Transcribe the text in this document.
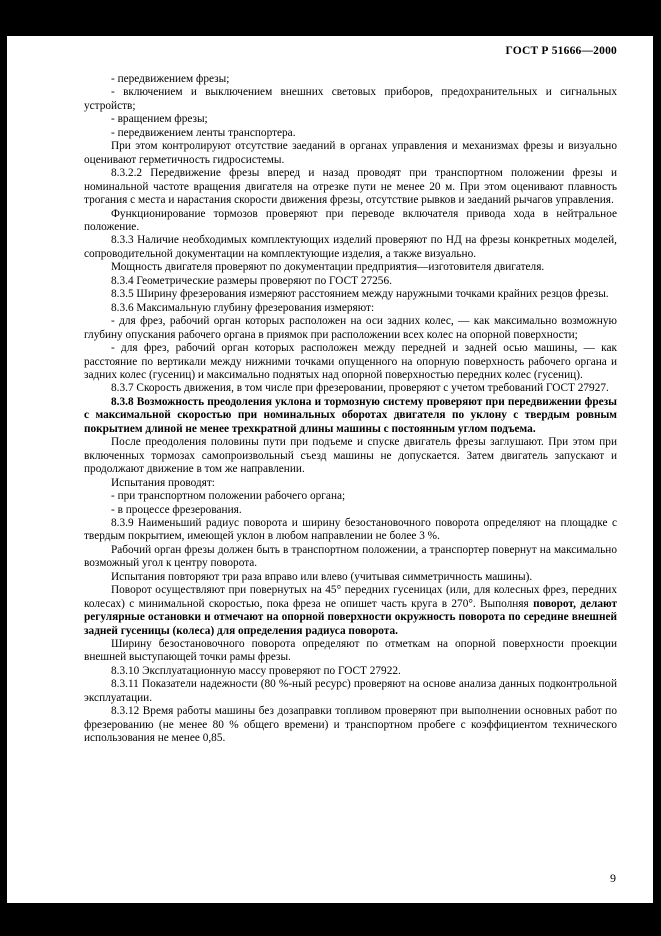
ГОСТ Р 51666—2000

- передвижением фрезы;

- включением и выключением внешних световых приборов, предохранительных и сигнальных устройств;

- вращением фрезы;

- передвижением ленты транспортера.

При этом контролируют отсутствие заеданий в органах управления и механизмах фрезы и визуально оценивают герметичность гидросистемы.

8.3.2.2 Передвижение фрезы вперед и назад проводят при транспортном положении фрезы и номинальной частоте вращения двигателя на отрезке пути не менее 20 м. При этом оценивают плавность трогания с места и нарастания скорости движения фрезы, отсутствие рывков и заеданий рычагов управления.

Функционирование тормозов проверяют при переводе включателя привода хода в нейтральное положение.

8.3.3 Наличие необходимых комплектующих изделий проверяют по НД на фрезы конкретных моделей, сопроводительной документации на комплектующие изделия, а также визуально.

Мощность двигателя проверяют по документации предприятия—изготовителя двигателя.

8.3.4 Геометрические размеры проверяют по ГОСТ 27256.

8.3.5 Ширину фрезерования измеряют расстоянием между наружными точками крайних резцов фрезы.

8.3.6 Максимальную глубину фрезерования измеряют:

- для фрез, рабочий орган которых расположен на оси задних колес, — как максимально возможную глубину опускания рабочего органа в приямок при расположении всех колес на опорной поверхности;

- для фрез, рабочий орган которых расположен между передней и задней осью машины, — как расстояние по вертикали между нижними точками опущенного на опорную поверхность рабочего органа и задних колес (гусениц) и максимально поднятых над опорной поверхностью передних колес (гусениц).

8.3.7 Скорость движения, в том числе при фрезеровании, проверяют с учетом требований ГОСТ 27927.

8.3.8 Возможность преодоления уклона и тормозную систему проверяют при передвижении фрезы с максимальной скоростью при номинальных оборотах двигателя по уклону с твердым ровным покрытием длиной не менее трехкратной длины машины с постоянным углом подъема.

После преодоления половины пути при подъеме и спуске двигатель фрезы заглушают. При этом при включенных тормозах самопроизвольный съезд машины не допускается. Затем двигатель запускают и продолжают движение в том же направлении.

Испытания проводят:

- при транспортном положении рабочего органа;

- в процессе фрезерования.

8.3.9 Наименьший радиус поворота и ширину безостановочного поворота определяют на площадке с твердым покрытием, имеющей уклон в любом направлении не более 3 %.

Рабочий орган фрезы должен быть в транспортном положении, а транспортер повернут на максимально возможный угол к центру поворота.

Испытания повторяют три раза вправо или влево (учитывая симметричность машины).

Поворот осуществляют при повернутых на 45° передних гусеницах (или, для колесных фрез, передних колесах) с минимальной скоростью, пока фреза не опишет часть круга в 270°. Выполняя поворот, делают регулярные остановки и отмечают на опорной поверхности окружность поворота по середине внешней задней гусеницы (колеса) для определения радиуса поворота.

Ширину безостановочного поворота определяют по отметкам на опорной поверхности проекции внешней выступающей точки рамы фрезы.

8.3.10 Эксплуатационную массу проверяют по ГОСТ 27922.

8.3.11 Показатели надежности (80 %-ный ресурс) проверяют на основе анализа данных подконтрольной эксплуатации.

8.3.12 Время работы машины без дозаправки топливом проверяют при выполнении основных работ по фрезерованию (не менее 80 % общего времени) и транспортном пробеге с коэффициентом технического использования не менее 0,85.

9
